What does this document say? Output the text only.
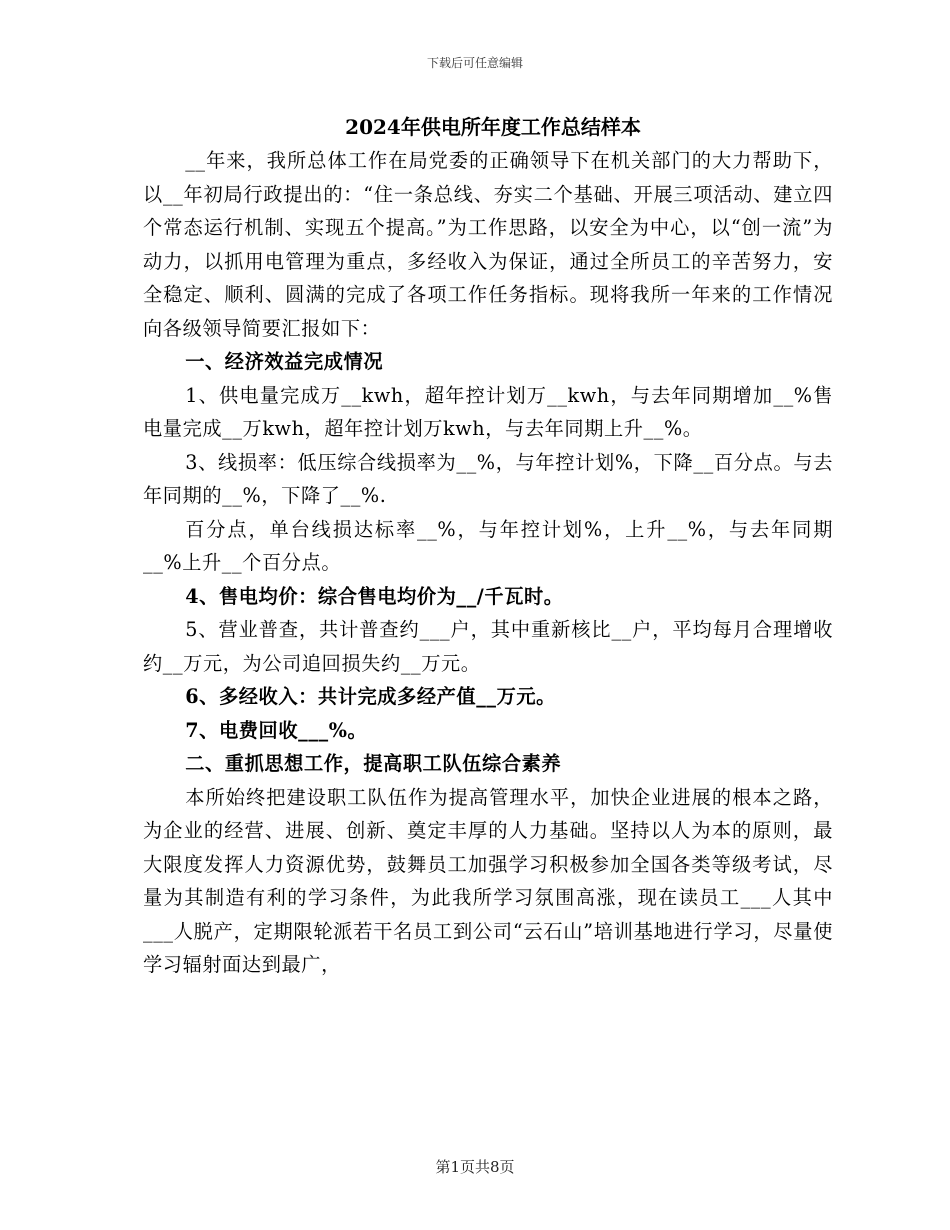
下载后可任意编辑
2024年供电所年度工作总结样本

__年来，我所总体工作在局党委的正确领导下在机关部门的大力帮助下，以__年初局行政提出的：“住一条总线、夯实二个基础、开展三项活动、建立四个常态运行机制、实现五个提高。”为工作思路，以安全为中心，以“创一流”为动力，以抓用电管理为重点，多经收入为保证，通过全所员工的辛苦努力，安全稳定、顺利、圆满的完成了各项工作任务指标。现将我所一年来的工作情况向各级领导简要汇报如下：

一、经济效益完成情况

1、供电量完成万__kwh，超年控计划万__kwh，与去年同期增加__%售电量完成__万kwh，超年控计划万kwh，与去年同期上升__%。

3、线损率：低压综合线损率为__%，与年控计划%，下降__百分点。与去年同期的__%，下降了__%.

百分点，单台线损达标率__%，与年控计划%，上升__%，与去年同期__%上升__个百分点。

4、售电均价：综合售电均价为__/千瓦时。

5、营业普查，共计普查约___户，其中重新核比__户，平均每月合理增收约__万元，为公司追回损失约__万元。

6、多经收入：共计完成多经产值__万元。

7、电费回收___%。

二、重抓思想工作，提高职工队伍综合素养

本所始终把建设职工队伍作为提高管理水平，加快企业进展的根本之路，为企业的经营、进展、创新、奠定丰厚的人力基础。坚持以人为本的原则，最大限度发挥人力资源优势，鼓舞员工加强学习积极参加全国各类等级考试，尽量为其制造有利的学习条件，为此我所学习氛围高涨，现在读员工___人其中___人脱产，定期限轮派若干名员工到公司“云石山”培训基地进行学习，尽量使学习辐射面达到最广，

第1页共8页
